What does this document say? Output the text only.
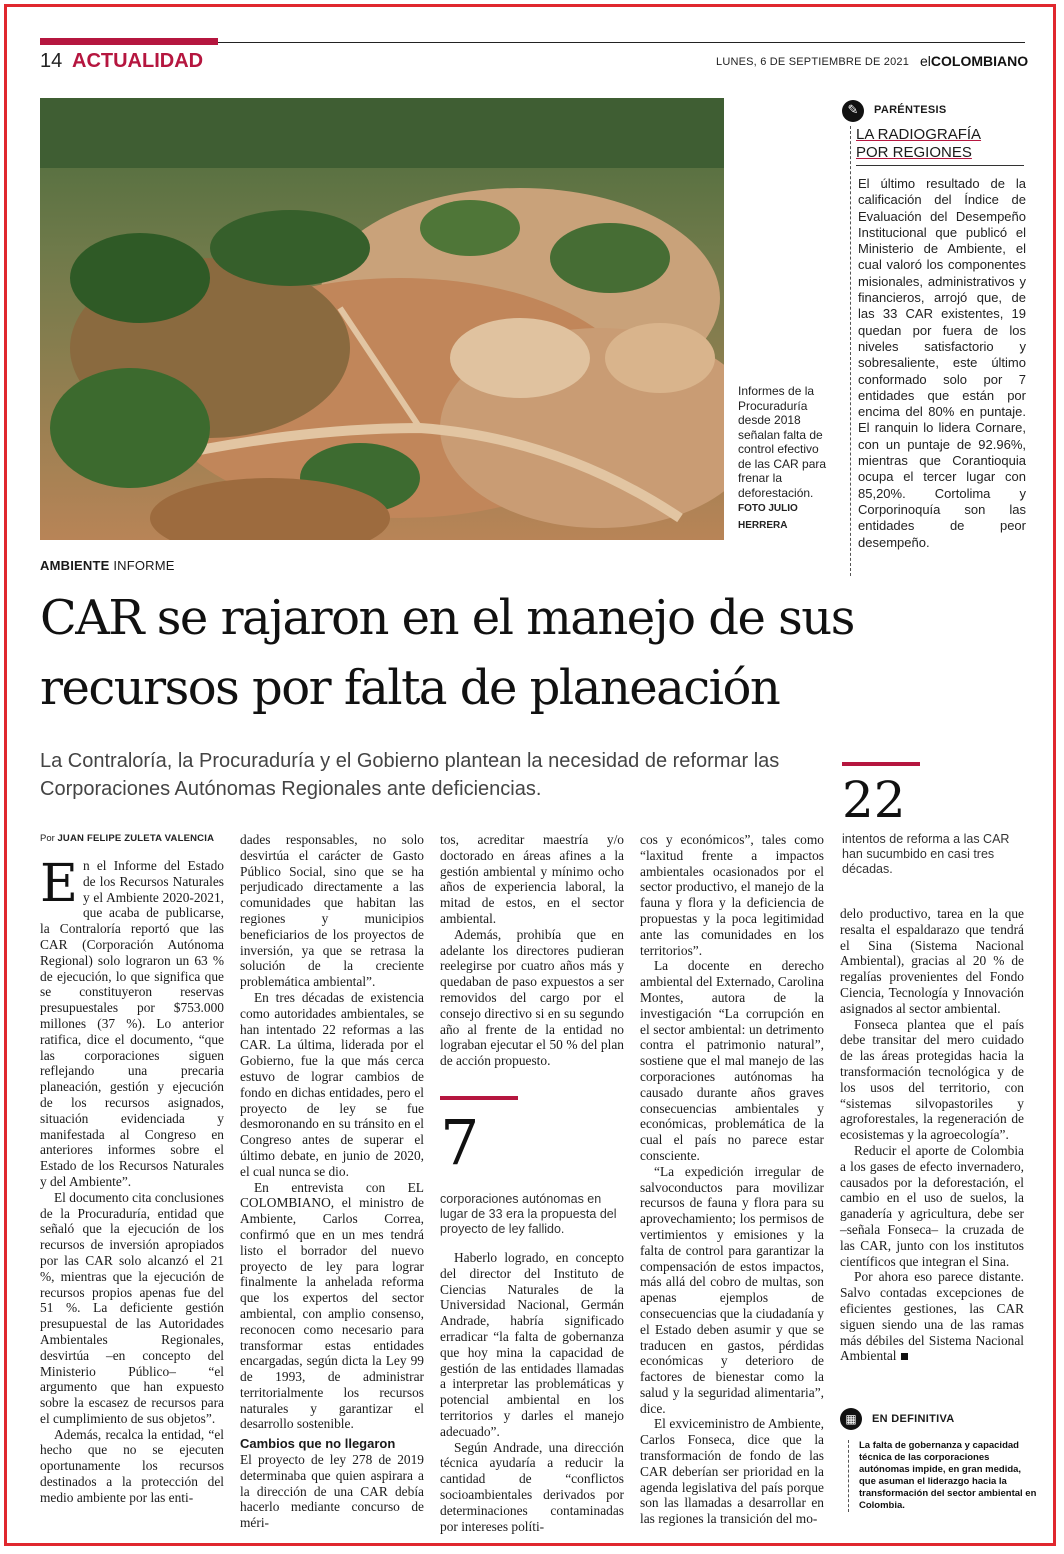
14 ACTUALIDAD	LUNES, 6 DE SEPTIEMBRE DE 2021 elCOLOMBIANO
Informes de la Procuraduría desde 2018 señalan falta de control efectivo de las CAR para frenar la deforestación. FOTO JULIO HERRERA
✎	PARÉNTESIS
LA RADIOGRAFÍA
POR REGIONES
El último resultado de la calificación del Índice de Evaluación del Desempeño Institucional que publicó el Ministerio de Ambiente, el cual valoró los componentes misionales, administrativos y financieros, arrojó que, de las 33 CAR existentes, 19 quedan por fuera de los niveles satisfactorio y sobresaliente, este último conformado solo por 7 entidades que están por encima del 80% en puntaje. El ranquin lo lidera Cornare, con un puntaje de 92.96%, mientras que Corantioquia ocupa el tercer lugar con 85,20%. Cortolima y Corporinoquía son las entidades de peor desempeño.
AMBIENTE INFORME
CAR se rajaron en el manejo de sus recursos por falta de planeación
La Contraloría, la Procuraduría y el Gobierno plantean la necesidad de reformar las Corporaciones Autónomas Regionales ante deficiencias.	22
intentos de reforma a las CAR han sucumbido en casi tres décadas.
7
corporaciones autónomas en lugar de 33 era la propuesta del proyecto de ley fallido.
Por JUAN FELIPE ZULETA VALENCIA

En el Informe del Estado de los Recursos Naturales y el Ambiente 2020-2021, que acaba de publicarse, la Contraloría reportó que las CAR (Corporación Autónoma Regional) solo lograron un 63 % de ejecución, lo que significa que se constituyeron reservas presupuestales por $753.000 millones (37 %). Lo anterior ratifica, dice el documento, “que las corporaciones siguen reflejando una precaria planeación, gestión y ejecución de los recursos asignados, situación evidenciada y manifestada al Congreso en anteriores informes sobre el Estado de los Recursos Naturales y del Ambiente”.

El documento cita conclusiones de la Procuraduría, entidad que señaló que la ejecución de los recursos de inversión apropiados por las CAR solo alcanzó el 21 %, mientras que la ejecución de recursos propios apenas fue del 51 %. La deficiente gestión presupuestal de las Autoridades Ambientales Regionales, desvirtúa –en concepto del Ministerio Público– “el argumento que han expuesto sobre la escasez de recursos para el cumplimiento de sus objetos”.

Además, recalca la entidad, “el hecho que no se ejecuten oportunamente los recursos destinados a la protección del medio ambiente por las enti-

dades responsables, no solo desvirtúa el carácter de Gasto Público Social, sino que se ha perjudicado directamente a las comunidades que habitan las regiones y municipios beneficiarios de los proyectos de inversión, ya que se retrasa la solución de la creciente problemática ambiental”.

En tres décadas de existencia como autoridades ambientales, se han intentado 22 reformas a las CAR. La última, liderada por el Gobierno, fue la que más cerca estuvo de lograr cambios de fondo en dichas entidades, pero el proyecto de ley se fue desmoronando en su tránsito en el Congreso antes de superar el último debate, en junio de 2020, el cual nunca se dio.

En entrevista con EL COLOMBIANO, el ministro de Ambiente, Carlos Correa, confirmó que en un mes tendrá listo el borrador del nuevo proyecto de ley para lograr finalmente la anhelada reforma que los expertos del sector ambiental, con amplio consenso, reconocen como necesario para transformar estas entidades encargadas, según dicta la Ley 99 de 1993, de administrar territorialmente los recursos naturales y garantizar el desarrollo sostenible.

Cambios que no llegaron

El proyecto de ley 278 de 2019 determinaba que quien aspirara a la dirección de una CAR debía hacerlo mediante concurso de méri-

tos, acreditar maestría y/o doctorado en áreas afines a la gestión ambiental y mínimo ocho años de experiencia laboral, la mitad de estos, en el sector ambiental.

Además, prohibía que en adelante los directores pudieran reelegirse por cuatro años más y quedaban de paso expuestos a ser removidos del cargo por el consejo directivo si en su segundo año al frente de la entidad no lograban ejecutar el 50 % del plan de acción propuesto.

Haberlo logrado, en concepto del director del Instituto de Ciencias Naturales de la Universidad Nacional, Germán Andrade, habría significado erradicar “la falta de gobernanza que hoy mina la capacidad de gestión de las entidades llamadas a interpretar las problemáticas y potencial ambiental en los territorios y darles el manejo adecuado”.

Según Andrade, una dirección técnica ayudaría a reducir la cantidad de “conflictos socioambientales derivados por determinaciones contaminadas por intereses políti-

cos y económicos”, tales como “laxitud frente a impactos ambientales ocasionados por el sector productivo, el manejo de la fauna y flora y la deficiencia de propuestas y la poca legitimidad ante las comunidades en los territorios”.

La docente en derecho ambiental del Externado, Carolina Montes, autora de la investigación “La corrupción en el sector ambiental: un detrimento contra el patrimonio natural”, sostiene que el mal manejo de las corporaciones autónomas ha causado durante años graves consecuencias ambientales y económicas, problemática de la cual el país no parece estar consciente.

“La expedición irregular de salvoconductos para movilizar recursos de fauna y flora para su aprovechamiento; los permisos de vertimientos y emisiones y la falta de control para garantizar la compensación de estos impactos, más allá del cobro de multas, son apenas ejemplos de consecuencias que la ciudadanía y el Estado deben asumir y que se traducen en gastos, pérdidas económicas y deterioro de factores de bienestar como la salud y la seguridad alimentaria”, dice.

El exviceministro de Ambiente, Carlos Fonseca, dice que la transformación de fondo de las CAR deberían ser prioridad en la agenda legislativa del país porque son las llamadas a desarrollar en las regiones la transición del mo-

delo productivo, tarea en la que resalta el espaldarazo que tendrá el Sina (Sistema Nacional Ambiental), gracias al 20 % de regalías provenientes del Fondo Ciencia, Tecnología y Innovación asignados al sector ambiental.

Fonseca plantea que el país debe transitar del mero cuidado de las áreas protegidas hacia la transformación tecnológica y de los usos del territorio, con “sistemas silvopastoriles y agroforestales, la regeneración de ecosistemas y la agroecología”.

Reducir el aporte de Colombia a los gases de efecto invernadero, causados por la deforestación, el cambio en el uso de suelos, la ganadería y agricultura, debe ser –señala Fonseca– la cruzada de las CAR, junto con los institutos científicos que integran el Sina.

Por ahora eso parece distante. Salvo contadas excepciones de eficientes gestiones, las CAR siguen siendo una de las ramas más débiles del Sistema Nacional Ambiental

▦	EN DEFINITIVA
La falta de gobernanza y capacidad técnica de las corporaciones autónomas impide, en gran medida, que asuman el liderazgo hacia la transformación del sector ambiental en Colombia.
